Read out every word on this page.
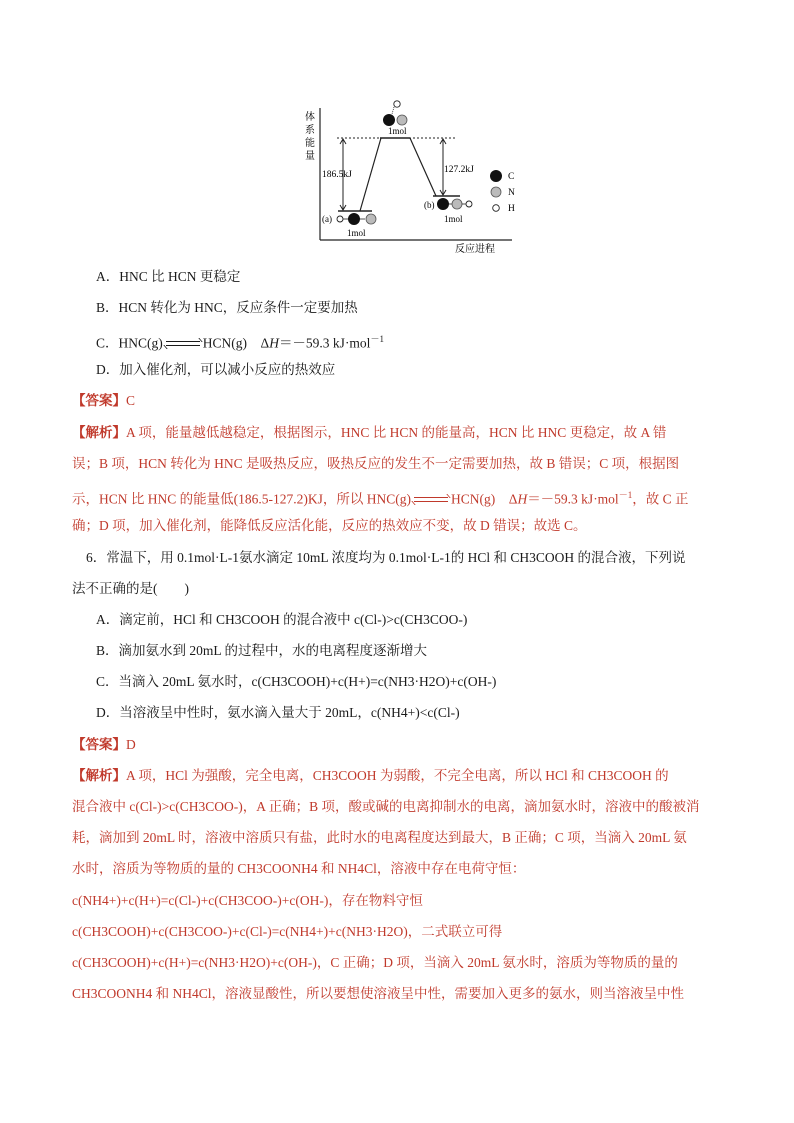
体
系
能
量
反应进程
186.5kJ	127.2kJ
1mol
(a)
1mol
(b)
1mol
C
N
H
A．HNC 比 HCN 更稳定
B．HCN 转化为 HNC，反应条件一定要加热
C．HNC(g)	HCN(g)　ΔH＝－59.3 kJ·mol$^{-1}$
D．加入催化剂，可以减小反应的热效应
【答案】C
【解析】A 项，能量越低越稳定，根据图示，HNC 比 HCN 的能量高，HCN 比 HNC 更稳定，故 A 错
误；B 项，HCN 转化为 HNC 是吸热反应，吸热反应的发生不一定需要加热，故 B 错误；C 项，根据图
示，HCN 比 HNC 的能量低(186.5-127.2)KJ，所以 HNC(g)	HCN(g)　ΔH＝－59.3 kJ·mol$^{-1}$，故 C 正
确；D 项，加入催化剂，能降低反应活化能，反应的热效应不变，故 D 错误；故选 C。
6．常温下，用 0.1mol·L-1氨水滴定 10mL 浓度均为 0.1mol·L-1的 HCl 和 CH3COOH 的混合液，下列说
法不正确的是(　　)
A．滴定前，HCl 和 CH3COOH 的混合液中 c(Cl-)>c(CH3COO-)
B．滴加氨水到 20mL 的过程中，水的电离程度逐渐增大
C．当滴入 20mL 氨水时，c(CH3COOH)+c(H+)=c(NH3·H2O)+c(OH-)
D．当溶液呈中性时，氨水滴入量大于 20mL，c(NH4+)<c(Cl-)
【答案】D
【解析】A 项，HCl 为强酸，完全电离，CH3COOH 为弱酸，不完全电离，所以 HCl 和 CH3COOH 的
混合液中 c(Cl-)>c(CH3COO-)，A 正确；B 项，酸或碱的电离抑制水的电离，滴加氨水时，溶液中的酸被消
耗，滴加到 20mL 时，溶液中溶质只有盐，此时水的电离程度达到最大，B 正确；C 项，当滴入 20mL 氨
水时，溶质为等物质的量的 CH3COONH4 和 NH4Cl，溶液中存在电荷守恒：
c(NH4+)+c(H+)=c(Cl-)+c(CH3COO-)+c(OH-)，存在物料守恒
c(CH3COOH)+c(CH3COO-)+c(Cl-)=c(NH4+)+c(NH3·H2O)，二式联立可得
c(CH3COOH)+c(H+)=c(NH3·H2O)+c(OH-)，C 正确；D 项，当滴入 20mL 氨水时，溶质为等物质的量的
CH3COONH4 和 NH4Cl，溶液显酸性，所以要想使溶液呈中性，需要加入更多的氨水，则当溶液呈中性
